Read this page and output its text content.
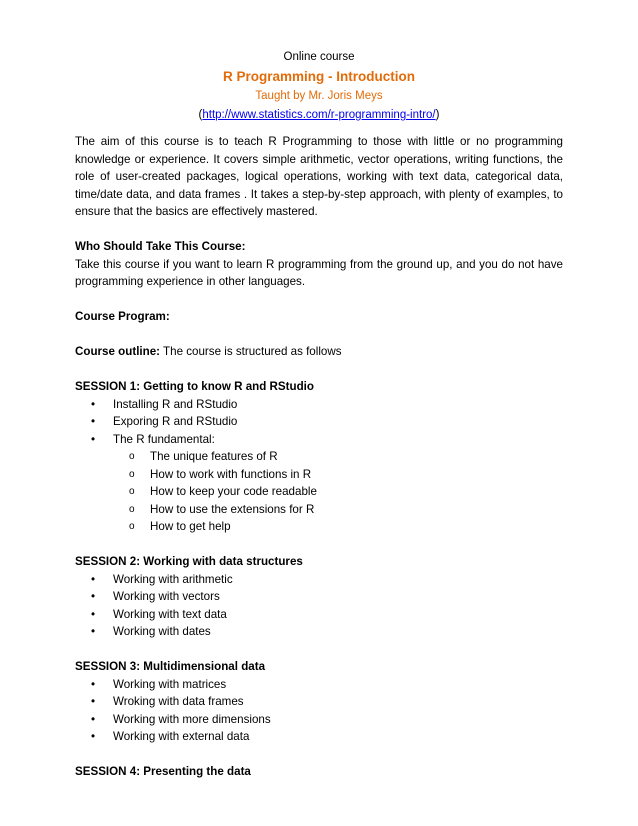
Online course
R Programming - Introduction
Taught by Mr. Joris Meys
(http://www.statistics.com/r-programming-intro/)

The aim of this course is to teach R Programming to those with little or no programming knowledge or experience. It covers simple arithmetic, vector operations, writing functions, the role of user-created packages, logical operations, working with text data, categorical data, time/date data, and data frames . It takes a step-by-step approach, with plenty of examples, to ensure that the basics are effectively mastered.

Who Should Take This Course:

Take this course if you want to learn R programming from the ground up, and you do not have programming experience in other languages.

Course Program:

Course outline: The course is structured as follows

SESSION 1: Getting to know R and RStudio

• Installing R and RStudio
• Exporing R and RStudio
• The R fundamental:
o The unique features of R
o How to work with functions in R
o How to keep your code readable
o How to use the extensions for R
o How to get help

SESSION 2: Working with data structures

• Working with arithmetic
• Working with vectors
• Working with text data
• Working with dates

SESSION 3: Multidimensional data

• Working with matrices
• Wroking with data frames
• Working with more dimensions
• Working with external data

SESSION 4: Presenting the data
